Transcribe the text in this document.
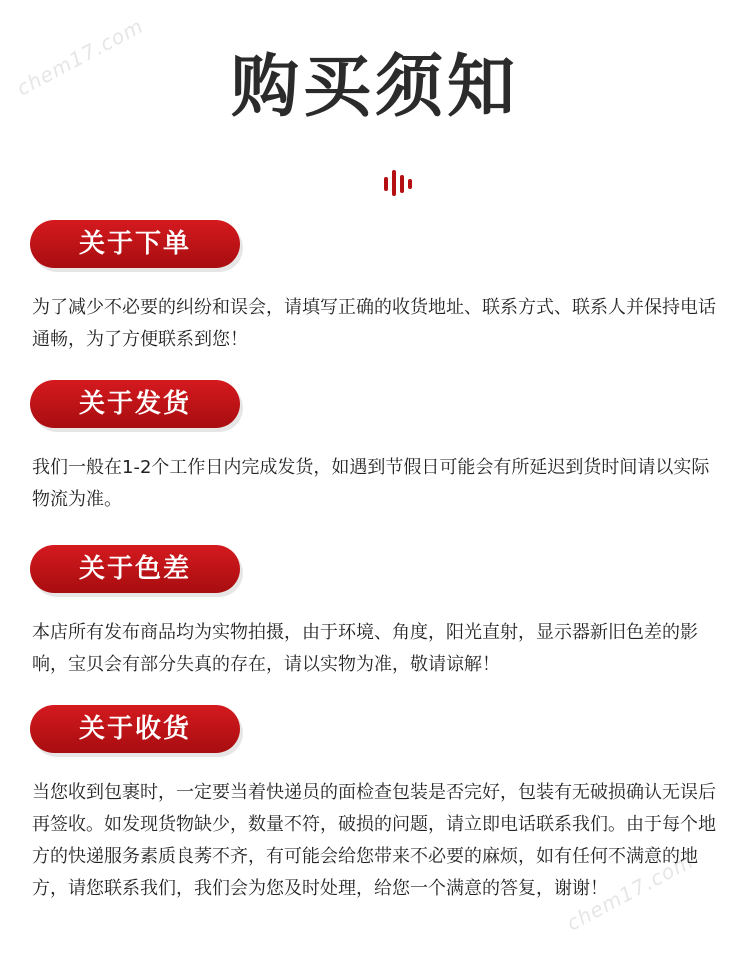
chem17.com
chem17.com
购买须知
关于下单
为了减少不必要的纠纷和误会，请填写正确的收货地址、联系方式、联系人并保持电话通畅，为了方便联系到您！
关于发货
我们一般在1-2个工作日内完成发货，如遇到节假日可能会有所延迟到货时间请以实际物流为准。
关于色差
本店所有发布商品均为实物拍摄，由于环境、角度，阳光直射，显示器新旧色差的影响，宝贝会有部分失真的存在，请以实物为准，敬请谅解！
关于收货
当您收到包裹时，一定要当着快递员的面检查包装是否完好，包装有无破损确认无误后再签收。如发现货物缺少，数量不符，破损的问题，请立即电话联系我们。由于每个地方的快递服务素质良莠不齐，有可能会给您带来不必要的麻烦，如有任何不满意的地方，请您联系我们，我们会为您及时处理，给您一个满意的答复，谢谢！
